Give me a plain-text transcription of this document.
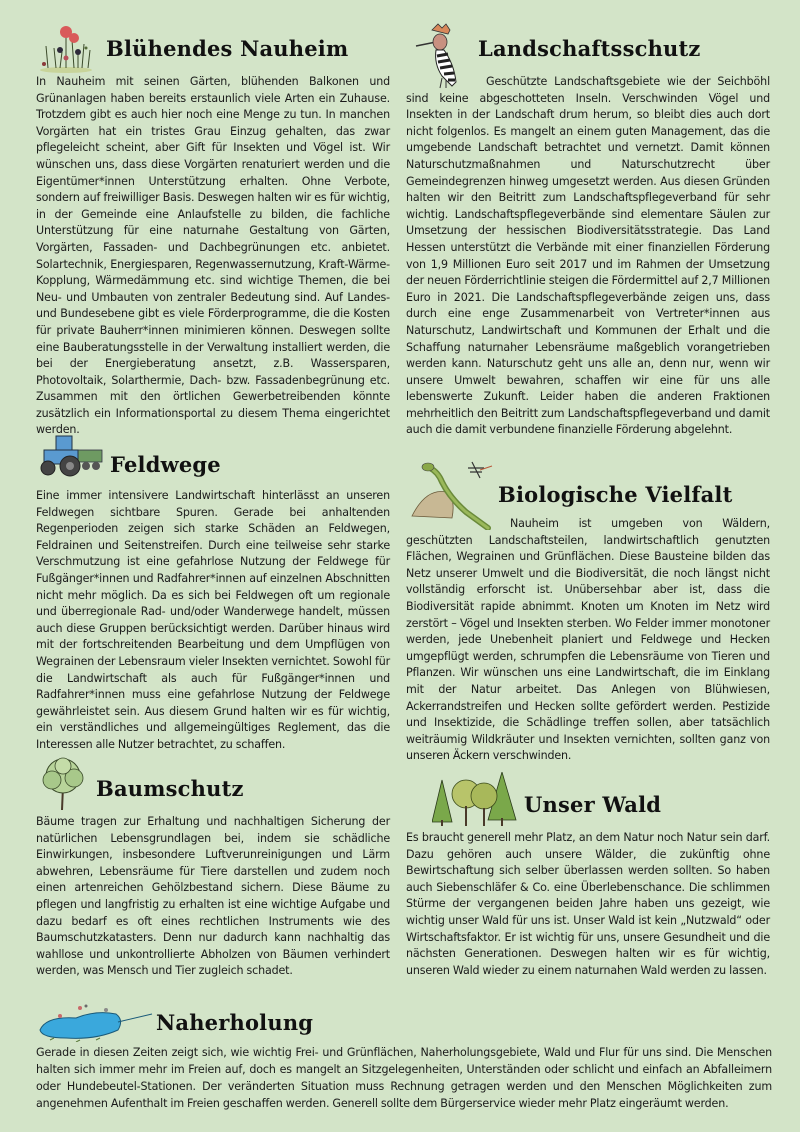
Blühendes Nauheim
In Nauheim mit seinen Gärten, blühenden Balkonen und Grünanlagen haben bereits erstaunlich viele Arten ein Zuhause. Trotzdem gibt es auch hier noch eine Menge zu tun. In manchen Vorgärten hat ein tristes Grau Einzug gehalten, das zwar pflegeleicht scheint, aber Gift für Insekten und Vögel ist. Wir wünschen uns, dass diese Vorgärten renaturiert werden und die Eigentümer*innen Unterstützung erhalten. Ohne Verbote, sondern auf freiwilliger Basis. Deswegen halten wir es für wichtig, in der Gemeinde eine Anlaufstelle zu bilden, die fachliche Unterstützung für eine naturnahe Gestaltung von Gärten, Vorgärten, Fassaden- und Dachbegrünungen etc. anbietet. Solartechnik, Energiesparen, Regenwassernutzung, Kraft-Wärme-Kopplung, Wärmedämmung etc. sind wichtige Themen, die bei Neu- und Umbauten von zentraler Bedeutung sind. Auf Landes- und Bundesebene gibt es viele Förderprogramme, die die Kosten für private Bauherr*innen minimieren können. Deswegen sollte eine Bauberatungsstelle in der Verwaltung installiert werden, die bei der Energieberatung ansetzt, z.B. Wassersparen, Photovoltaik, Solarthermie, Dach- bzw. Fassadenbegrünung etc. Zusammen mit den örtlichen Gewerbetreibenden könnte zusätzlich ein Informationsportal zu diesem Thema eingerichtet werden.
Landschaftsschutz
Geschützte Landschaftsgebiete wie der Seichböhl sind keine abgeschotteten Inseln. Verschwinden Vögel und Insekten in der Landschaft drum herum, so bleibt dies auch dort nicht folgenlos. Es mangelt an einem guten Management, das die umgebende Landschaft betrachtet und vernetzt. Damit können Naturschutzmaßnahmen und Naturschutzrecht über Gemeindegrenzen hinweg umgesetzt werden. Aus diesen Gründen halten wir den Beitritt zum Landschaftspflegeverband für sehr wichtig. Landschaftspflegeverbände sind elementare Säulen zur Umsetzung der hessischen Biodiversitätsstrategie. Das Land Hessen unterstützt die Verbände mit einer finanziellen Förderung von 1,9 Millionen Euro seit 2017 und im Rahmen der Umsetzung der neuen Förderrichtlinie steigen die Fördermittel auf 2,7 Millionen Euro in 2021. Die Landschaftspflegeverbände zeigen uns, dass durch eine enge Zusammenarbeit von Vertreter*innen aus Naturschutz, Landwirtschaft und Kommunen der Erhalt und die Schaffung naturnaher Lebensräume maßgeblich vorangetrieben werden kann. Naturschutz geht uns alle an, denn nur, wenn wir unsere Umwelt bewahren, schaffen wir eine für uns alle lebenswerte Zukunft. Leider haben die anderen Fraktionen mehrheitlich den Beitritt zum Landschaftspflegeverband und damit auch die damit verbundene finanzielle Förderung abgelehnt.
Feldwege
Eine immer intensivere Landwirtschaft hinterlässt an unseren Feldwegen sichtbare Spuren. Gerade bei anhaltenden Regenperioden zeigen sich starke Schäden an Feldwegen, Feldrainen und Seitenstreifen. Durch eine teilweise sehr starke Verschmutzung ist eine gefahrlose Nutzung der Feldwege für Fußgänger*innen und Radfahrer*innen auf einzelnen Abschnitten nicht mehr möglich. Da es sich bei Feldwegen oft um regionale und überregionale Rad- und/oder Wanderwege handelt, müssen auch diese Gruppen berücksichtigt werden. Darüber hinaus wird mit der fortschreitenden Bearbeitung und dem Umpflügen von Wegrainen der Lebensraum vieler Insekten vernichtet. Sowohl für die Landwirtschaft als auch für Fußgänger*innen und Radfahrer*innen muss eine gefahrlose Nutzung der Feldwege gewährleistet sein. Aus diesem Grund halten wir es für wichtig, ein verständliches und allgemeingültiges Reglement, das die Interessen alle Nutzer betrachtet, zu schaffen.
Biologische Vielfalt
Nauheim ist umgeben von Wäldern, geschützten Landschaftsteilen, landwirtschaftlich genutzten Flächen, Wegrainen und Grünflächen. Diese Bausteine bilden das Netz unserer Umwelt und die Biodiversität, die noch längst nicht vollständig erforscht ist. Unübersehbar aber ist, dass die Biodiversität rapide abnimmt. Knoten um Knoten im Netz wird zerstört – Vögel und Insekten sterben. Wo Felder immer monotoner werden, jede Unebenheit planiert und Feldwege und Hecken umgepflügt werden, schrumpfen die Lebensräume von Tieren und Pflanzen. Wir wünschen uns eine Landwirtschaft, die im Einklang mit der Natur arbeitet. Das Anlegen von Blühwiesen, Ackerrandstreifen und Hecken sollte gefördert werden. Pestizide und Insektizide, die Schädlinge treffen sollen, aber tatsächlich weiträumig Wildkräuter und Insekten vernichten, sollten ganz von unseren Äckern verschwinden.
Baumschutz
Bäume tragen zur Erhaltung und nachhaltigen Sicherung der natürlichen Lebensgrundlagen bei, indem sie schädliche Einwirkungen, insbesondere Luftverunreinigungen und Lärm abwehren, Lebensräume für Tiere darstellen und zudem noch einen artenreichen Gehölzbestand sichern. Diese Bäume zu pflegen und langfristig zu erhalten ist eine wichtige Aufgabe und dazu bedarf es oft eines rechtlichen Instruments wie des Baumschutzkatasters. Denn nur dadurch kann nachhaltig das wahllose und unkontrollierte Abholzen von Bäumen verhindert werden, was Mensch und Tier zugleich schadet.
Unser Wald
Es braucht generell mehr Platz, an dem Natur noch Natur sein darf. Dazu gehören auch unsere Wälder, die zukünftig ohne Bewirtschaftung sich selber überlassen werden sollten. So haben auch Siebenschläfer & Co. eine Überlebenschance. Die schlimmen Stürme der vergangenen beiden Jahre haben uns gezeigt, wie wichtig unser Wald für uns ist. Unser Wald ist kein „Nutzwald“ oder Wirtschaftsfaktor. Er ist wichtig für uns, unsere Gesundheit und die nächsten Generationen. Deswegen halten wir es für wichtig, unseren Wald wieder zu einem naturnahen Wald werden zu lassen.
Naherholung
Gerade in diesen Zeiten zeigt sich, wie wichtig Frei- und Grünflächen, Naherholungsgebiete, Wald und Flur für uns sind. Die Menschen halten sich immer mehr im Freien auf, doch es mangelt an Sitzgelegenheiten, Unterständen oder schlicht und einfach an Abfalleimern oder Hundebeutel-Stationen. Der veränderten Situation muss Rechnung getragen werden und den Menschen Möglichkeiten zum angenehmen Aufenthalt im Freien geschaffen werden. Generell sollte dem Bürgerservice wieder mehr Platz eingeräumt werden.
